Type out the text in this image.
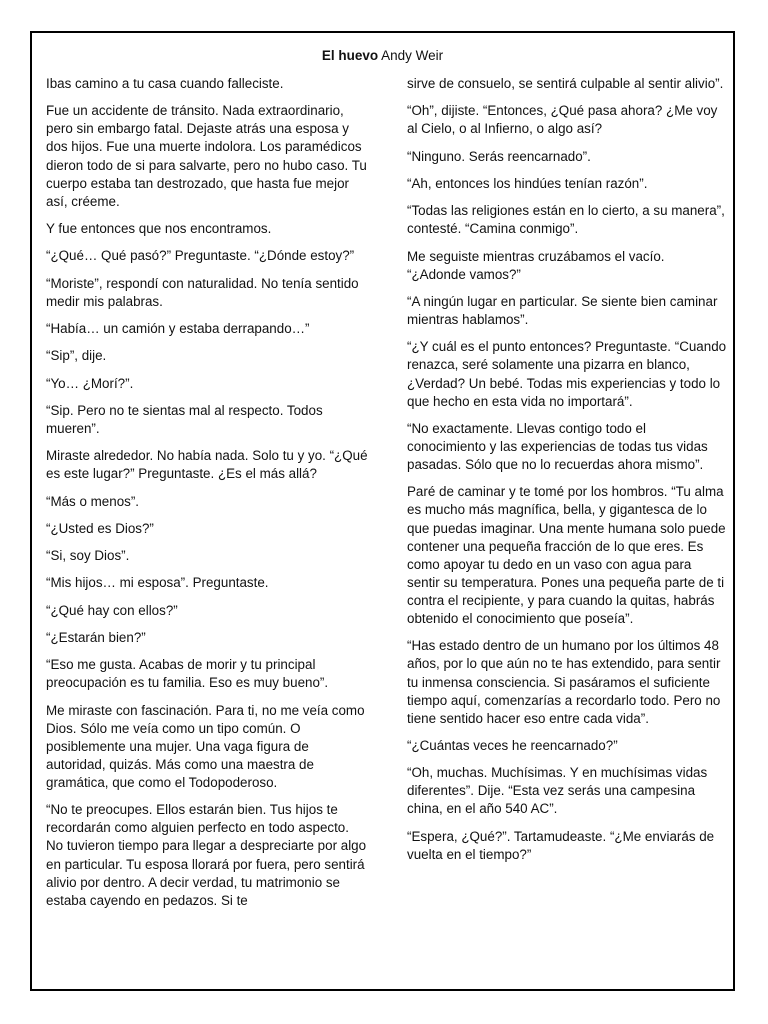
El huevo Andy Weir

Ibas camino a tu casa cuando falleciste.

Fue un accidente de tránsito. Nada extraordinario, pero sin embargo fatal. Dejaste atrás una esposa y dos hijos. Fue una muerte indolora. Los paramédicos dieron todo de si para salvarte, pero no hubo caso. Tu cuerpo estaba tan destrozado, que hasta fue mejor así, créeme.

Y fue entonces que nos encontramos.

“¿Qué… Qué pasó?” Preguntaste. “¿Dónde estoy?”

“Moriste”, respondí con naturalidad. No tenía sentido medir mis palabras.

“Había… un camión y estaba derrapando…”

“Sip”, dije.

“Yo… ¿Morí?”.

“Sip. Pero no te sientas mal al respecto. Todos mueren”.

Miraste alrededor. No había nada. Solo tu y yo. “¿Qué es este lugar?” Preguntaste. ¿Es el más allá?

“Más o menos”.

“¿Usted es Dios?”

“Si, soy Dios”.

“Mis hijos… mi esposa”. Preguntaste.

“¿Qué hay con ellos?”

“¿Estarán bien?”

“Eso me gusta. Acabas de morir y tu principal preocupación es tu familia. Eso es muy bueno”.

Me miraste con fascinación. Para ti, no me veía como Dios. Sólo me veía como un tipo común. O posiblemente una mujer. Una vaga figura de autoridad, quizás. Más como una maestra de gramática, que como el Todopoderoso.

“No te preocupes. Ellos estarán bien. Tus hijos te recordarán como alguien perfecto en todo aspecto. No tuvieron tiempo para llegar a despreciarte por algo en particular. Tu esposa llorará por fuera, pero sentirá alivio por dentro. A decir verdad, tu matrimonio se estaba cayendo en pedazos. Si te

sirve de consuelo, se sentirá culpable al sentir alivio”.

“Oh”, dijiste. “Entonces, ¿Qué pasa ahora? ¿Me voy al Cielo, o al Infierno, o algo así?

“Ninguno. Serás reencarnado”.

“Ah, entonces los hindúes tenían razón”.

“Todas las religiones están en lo cierto, a su manera”, contesté. “Camina conmigo”.

Me seguiste mientras cruzábamos el vacío. “¿Adonde vamos?”

“A ningún lugar en particular. Se siente bien caminar mientras hablamos”.

“¿Y cuál es el punto entonces? Preguntaste. “Cuando renazca, seré solamente una pizarra en blanco, ¿Verdad? Un bebé. Todas mis experiencias y todo lo que hecho en esta vida no importará”.

“No exactamente. Llevas contigo todo el conocimiento y las experiencias de todas tus vidas pasadas. Sólo que no lo recuerdas ahora mismo”.

Paré de caminar y te tomé por los hombros. “Tu alma es mucho más magnífica, bella, y gigantesca de lo que puedas imaginar. Una mente humana solo puede contener una pequeña fracción de lo que eres. Es como apoyar tu dedo en un vaso con agua para sentir su temperatura. Pones una pequeña parte de ti contra el recipiente, y para cuando la quitas, habrás obtenido el conocimiento que poseía”.

“Has estado dentro de un humano por los últimos 48 años, por lo que aún no te has extendido, para sentir tu inmensa consciencia. Si pasáramos el suficiente tiempo aquí, comenzarías a recordarlo todo. Pero no tiene sentido hacer eso entre cada vida”.

“¿Cuántas veces he reencarnado?”

“Oh, muchas. Muchísimas. Y en muchísimas vidas diferentes”. Dije. “Esta vez serás una campesina china, en el año 540 AC”.

“Espera, ¿Qué?”. Tartamudeaste. “¿Me enviarás de vuelta en el tiempo?”
